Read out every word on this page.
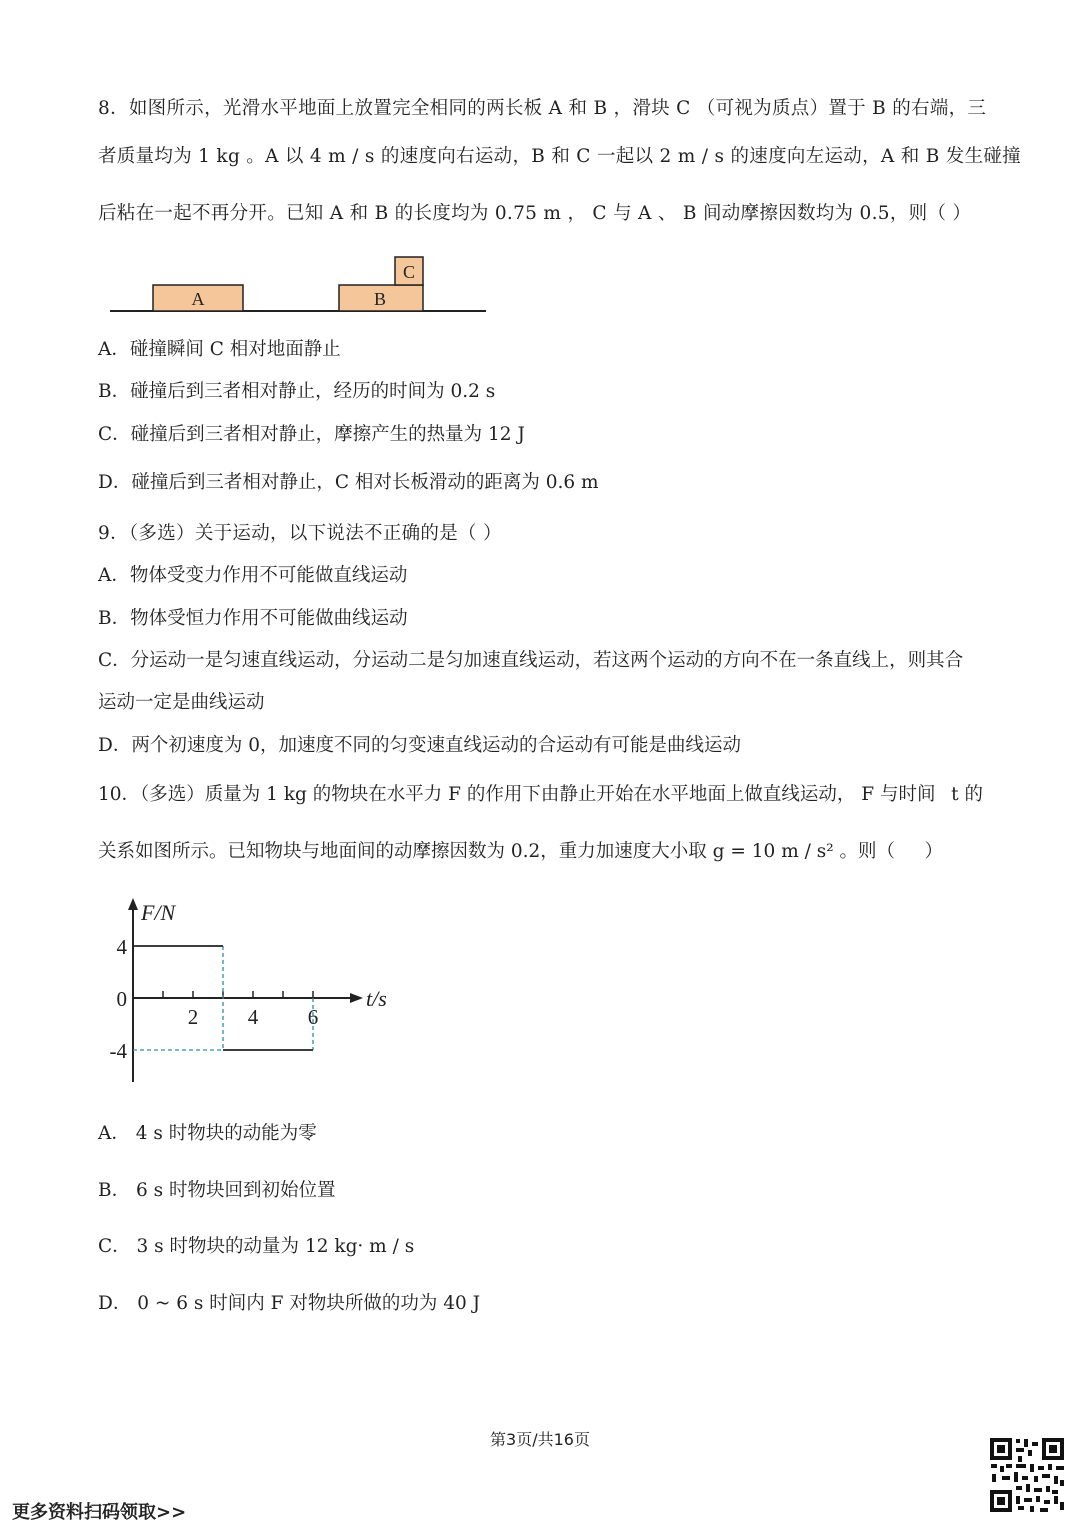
8．如图所示，光滑水平地面上放置完全相同的两长板 A 和 B ，滑块 C （可视为质点）置于 B 的右端，三
者质量均为 1 kg 。A 以 4 m / s 的速度向右运动，B 和 C 一起以 2 m / s 的速度向左运动，A 和 B 发生碰撞
后粘在一起不再分开。已知 A 和 B 的长度均为 0.75 m ， C 与 A 、 B 间动摩擦因数均为 0.5，则（ ）
A	B
C
A．碰撞瞬间 C 相对地面静止
B．碰撞后到三者相对静止，经历的时间为 0.2 s
C．碰撞后到三者相对静止，摩擦产生的热量为 12 J
D．碰撞后到三者相对静止，C 相对长板滑动的距离为 0.6 m
9．（多选）关于运动，以下说法不正确的是（ ）
A．物体受变力作用不可能做直线运动
B．物体受恒力作用不可能做曲线运动
C．分运动一是匀速直线运动，分运动二是匀加速直线运动，若这两个运动的方向不在一条直线上，则其合
运动一定是曲线运动
D．两个初速度为 0，加速度不同的匀变速直线运动的合运动有可能是曲线运动
10．（多选）质量为 1 kg 的物块在水平力 F 的作用下由静止开始在水平地面上做直线运动， F 与时间 t 的
关系如图所示。已知物块与地面间的动摩擦因数为 0.2，重力加速度大小取 g = 10 m / s² 。则（ ）
F/N
t/s
4
0
-4
2 4 6
A． 4 s 时物块的动能为零
B． 6 s 时物块回到初始位置
C． 3 s 时物块的动量为 12 kg· m / s
D． 0 ~ 6 s 时间内 F 对物块所做的功为 40 J
第3页/共16页
更多资料扫码领取>>
